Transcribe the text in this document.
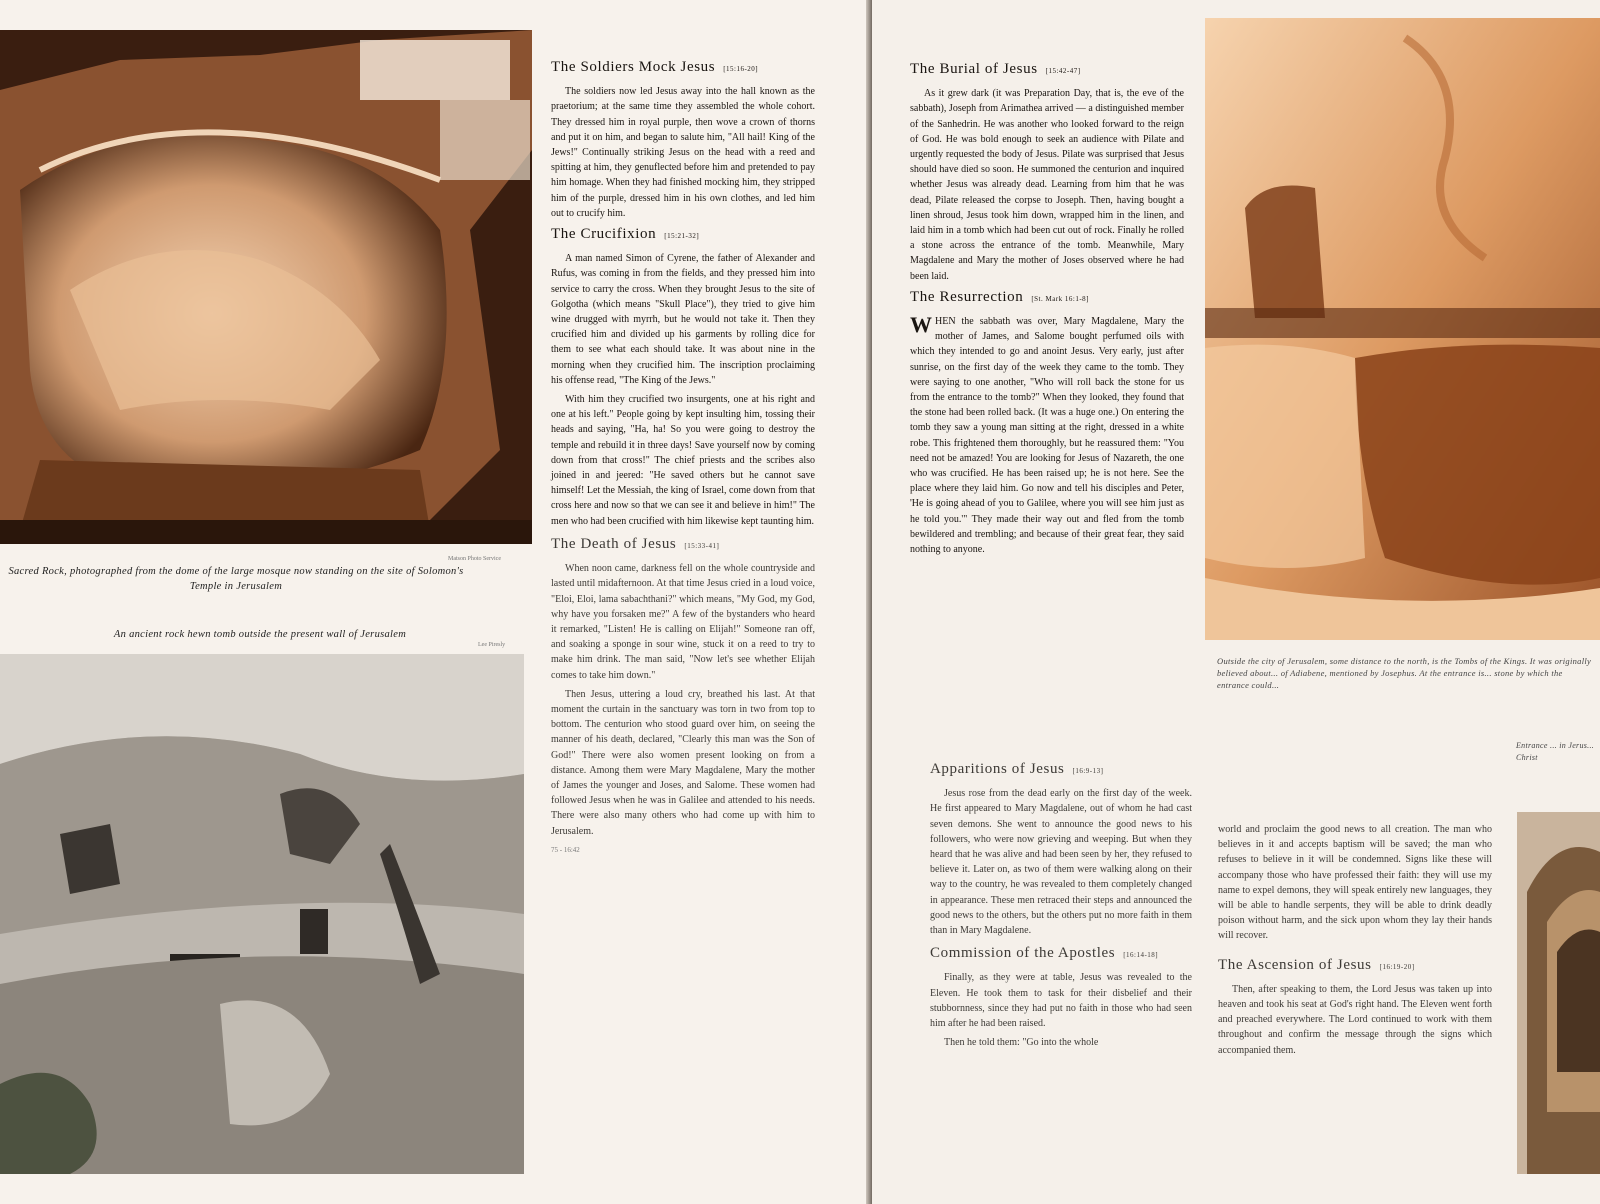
Sacred Rock, photographed from the dome of the large mosque now standing on the site of Solomon's Temple in Jerusalem
Matson Photo Service
An ancient rock hewn tomb outside the present wall of Jerusalem
Lee Piresly
The Soldiers Mock Jesus [15:16-20]

The soldiers now led Jesus away into the hall known as the praetorium; at the same time they assembled the whole cohort. They dressed him in royal purple, then wove a crown of thorns and put it on him, and began to salute him, "All hail! King of the Jews!" Continually striking Jesus on the head with a reed and spitting at him, they genuflected before him and pretended to pay him homage. When they had finished mocking him, they stripped him of the purple, dressed him in his own clothes, and led him out to crucify him.

The Crucifixion [15:21-32]

A man named Simon of Cyrene, the father of Alexander and Rufus, was coming in from the fields, and they pressed him into service to carry the cross. When they brought Jesus to the site of Golgotha (which means "Skull Place"), they tried to give him wine drugged with myrrh, but he would not take it. Then they crucified him and divided up his garments by rolling dice for them to see what each should take. It was about nine in the morning when they crucified him. The inscription proclaiming his offense read, "The King of the Jews."

With him they crucified two insurgents, one at his right and one at his left." People going by kept insulting him, tossing their heads and saying, "Ha, ha! So you were going to destroy the temple and rebuild it in three days! Save yourself now by coming down from that cross!" The chief priests and the scribes also joined in and jeered: "He saved others but he cannot save himself! Let the Messiah, the king of Israel, come down from that cross here and now so that we can see it and believe in him!" The men who had been crucified with him likewise kept taunting him.

The Death of Jesus [15:33-41]

When noon came, darkness fell on the whole countryside and lasted until midafternoon. At that time Jesus cried in a loud voice, "Eloi, Eloi, lama sabachthani?" which means, "My God, my God, why have you forsaken me?" A few of the bystanders who heard it remarked, "Listen! He is calling on Elijah!" Someone ran off, and soaking a sponge in sour wine, stuck it on a reed to try to make him drink. The man said, "Now let's see whether Elijah comes to take him down."

Then Jesus, uttering a loud cry, breathed his last. At that moment the curtain in the sanctuary was torn in two from top to bottom. The centurion who stood guard over him, on seeing the manner of his death, declared, "Clearly this man was the Son of God!" There were also women present looking on from a distance. Among them were Mary Magdalene, Mary the mother of James the younger and Joses, and Salome. These women had followed Jesus when he was in Galilee and attended to his needs. There were also many others who had come up with him to Jerusalem.

75 - 16:42
Outside the city of Jerusalem, some distance to the north, is the Tombs of the Kings. It was originally believed about... of Adiabene, mentioned by Josephus. At the entrance is... stone by which the entrance could...
Entrance ... in Jerus... Christ
The Burial of Jesus [15:42-47]

As it grew dark (it was Preparation Day, that is, the eve of the sabbath), Joseph from Arimathea arrived — a distinguished member of the Sanhedrin. He was another who looked forward to the reign of God. He was bold enough to seek an audience with Pilate and urgently requested the body of Jesus. Pilate was surprised that Jesus should have died so soon. He summoned the centurion and inquired whether Jesus was already dead. Learning from him that he was dead, Pilate released the corpse to Joseph. Then, having bought a linen shroud, Jesus took him down, wrapped him in the linen, and laid him in a tomb which had been cut out of rock. Finally he rolled a stone across the entrance of the tomb. Meanwhile, Mary Magdalene and Mary the mother of Joses observed where he had been laid.

The Resurrection [St. Mark 16:1-8]

WHEN the sabbath was over, Mary Magdalene, Mary the mother of James, and Salome bought perfumed oils with which they intended to go and anoint Jesus. Very early, just after sunrise, on the first day of the week they came to the tomb. They were saying to one another, "Who will roll back the stone for us from the entrance to the tomb?" When they looked, they found that the stone had been rolled back. (It was a huge one.) On entering the tomb they saw a young man sitting at the right, dressed in a white robe. This frightened them thoroughly, but he reassured them: "You need not be amazed! You are looking for Jesus of Nazareth, the one who was crucified. He has been raised up; he is not here. See the place where they laid him. Go now and tell his disciples and Peter, 'He is going ahead of you to Galilee, where you will see him just as he told you.'" They made their way out and fled from the tomb bewildered and trembling; and because of their great fear, they said nothing to anyone.

Apparitions of Jesus [16:9-13]

Jesus rose from the dead early on the first day of the week. He first appeared to Mary Magdalene, out of whom he had cast seven demons. She went to announce the good news to his followers, who were now grieving and weeping. But when they heard that he was alive and had been seen by her, they refused to believe it. Later on, as two of them were walking along on their way to the country, he was revealed to them completely changed in appearance. These men retraced their steps and announced the good news to the others, but the others put no more faith in them than in Mary Magdalene.

Commission of the Apostles [16:14-18]

Finally, as they were at table, Jesus was revealed to the Eleven. He took them to task for their disbelief and their stubbornness, since they had put no faith in those who had seen him after he had been raised.

Then he told them: "Go into the whole

world and proclaim the good news to all creation. The man who believes in it and accepts baptism will be saved; the man who refuses to believe in it will be condemned. Signs like these will accompany those who have professed their faith: they will use my name to expel demons, they will speak entirely new languages, they will be able to handle serpents, they will be able to drink deadly poison without harm, and the sick upon whom they lay their hands will recover.

The Ascension of Jesus [16:19-20]

Then, after speaking to them, the Lord Jesus was taken up into heaven and took his seat at God's right hand. The Eleven went forth and preached everywhere. The Lord continued to work with them throughout and confirm the message through the signs which accompanied them.
